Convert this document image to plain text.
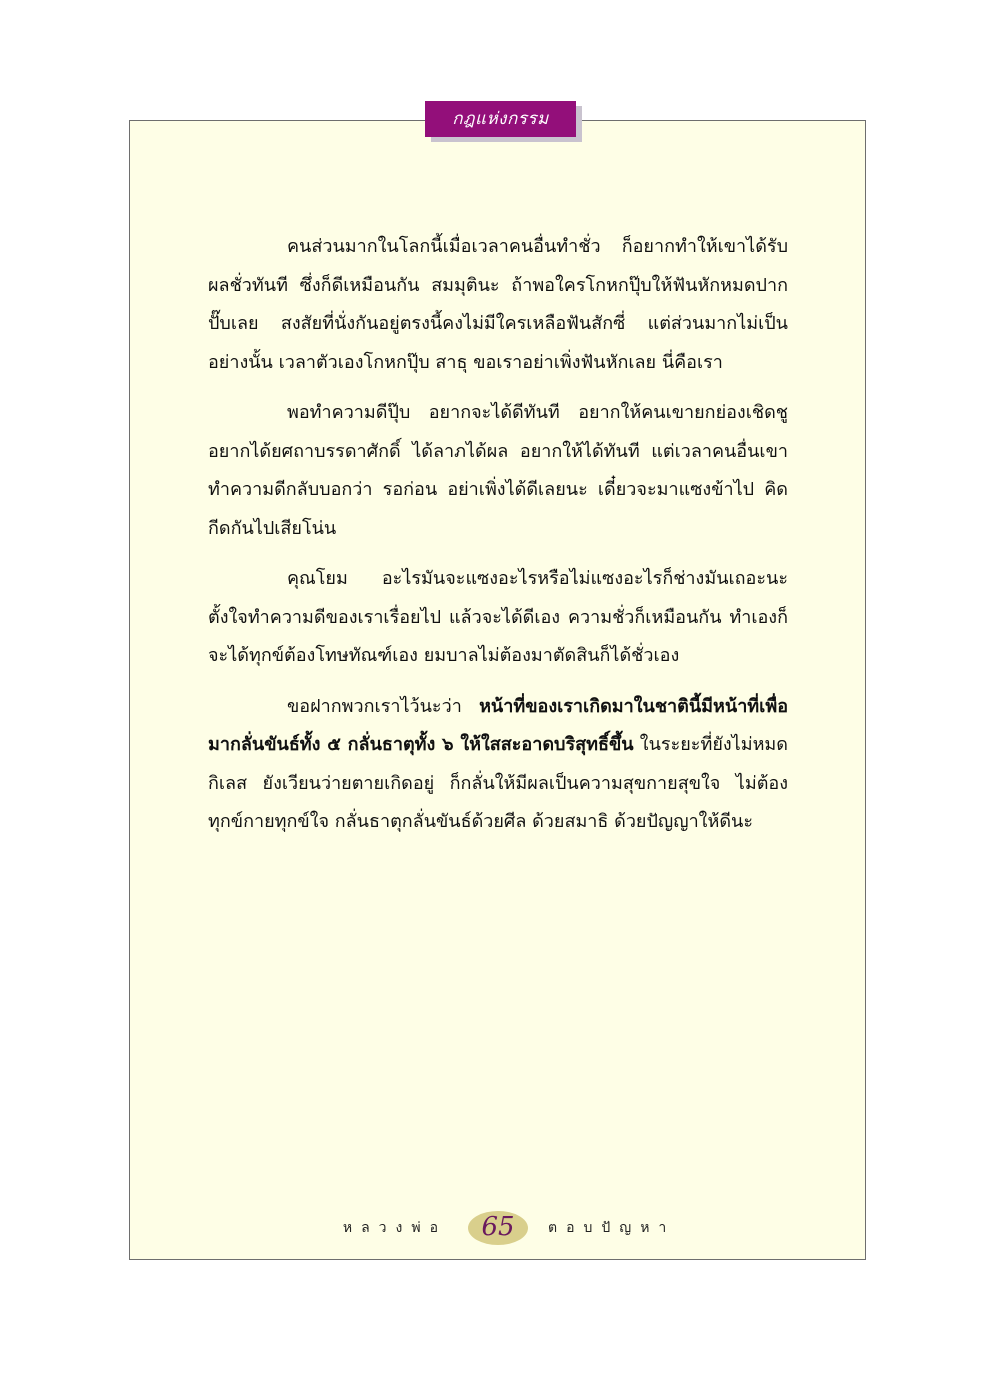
กฎแห่งกรรม

คนส่วนมากในโลกนี้เมื่อเวลาคนอื่นทำชั่ว ก็อยากทำให้เขาได้รับผลชั่วทันที ซึ่งก็ดีเหมือนกัน สมมุตินะ ถ้าพอใครโกหกปุ๊บให้ฟันหักหมดปากปั๊บเลย สงสัยที่นั่งกันอยู่ตรงนี้คงไม่มีใครเหลือฟันสักซี่ แต่ส่วนมากไม่เป็นอย่างนั้น เวลาตัวเองโกหกปุ๊บ สาธุ ขอเราอย่าเพิ่งฟันหักเลย นี่คือเรา

พอทำความดีปุ๊บ อยากจะได้ดีทันที อยากให้คนเขายกย่องเชิดชู อยากได้ยศถาบรรดาศักดิ์ ได้ลาภได้ผล อยากให้ได้ทันที แต่เวลาคนอื่นเขาทำความดีกลับบอกว่า รอก่อน อย่าเพิ่งได้ดีเลยนะ เดี๋ยวจะมาแซงข้าไป คิดกีดกันไปเสียโน่น

คุณโยม อะไรมันจะแซงอะไรหรือไม่แซงอะไรก็ช่างมันเถอะนะ ตั้งใจทำความดีของเราเรื่อยไป แล้วจะได้ดีเอง ความชั่วก็เหมือนกัน ทำเองก็จะได้ทุกข์ต้องโทษทัณฑ์เอง ยมบาลไม่ต้องมาตัดสินก็ได้ชั่วเอง

ขอฝากพวกเราไว้นะว่า หน้าที่ของเราเกิดมาในชาตินี้มีหน้าที่เพื่อมากลั่นขันธ์ทั้ง ๕ กลั่นธาตุทั้ง ๖ ให้ใสสะอาดบริสุทธิ์ขึ้น ในระยะที่ยังไม่หมดกิเลส ยังเวียนว่ายตายเกิดอยู่ ก็กลั่นให้มีผลเป็นความสุขกายสุขใจ ไม่ต้องทุกข์กายทุกข์ใจ กลั่นธาตุกลั่นขันธ์ด้วยศีล ด้วยสมาธิ ด้วยปัญญาให้ดีนะ

หลวงพ่อ	65	ตอบปัญหา
